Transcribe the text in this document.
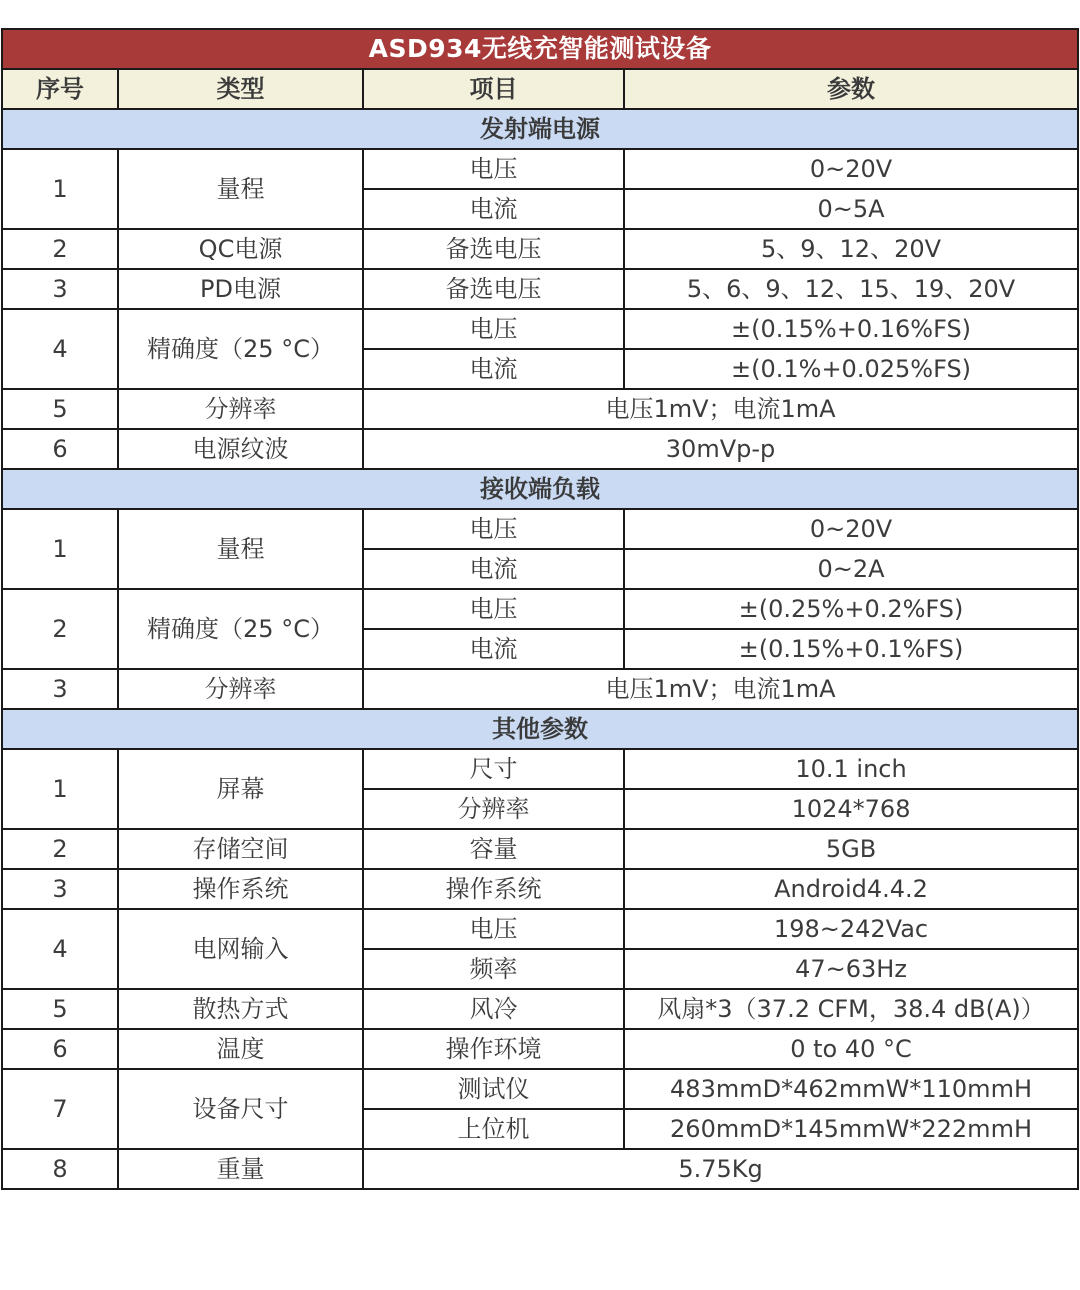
ASD934无线充智能测试设备			
序号	类型	项目	参数
发射端电源			
1	量程	电压	0~20V
		电流	0~5A
2	QC电源	备选电压	5、9、12、20V
3	PD电源	备选电压	5、6、9、12、15、19、20V
4	精确度（25 °C）	电压	±(0.15%+0.16%FS)
		电流	±(0.1%+0.025%FS)
5	分辨率	电压1mV；电流1mA	
6	电源纹波	30mVp-p	
接收端负载			
1	量程	电压	0~20V
		电流	0~2A
2	精确度（25 °C）	电压	±(0.25%+0.2%FS)
		电流	±(0.15%+0.1%FS)
3	分辨率	电压1mV；电流1mA	
其他参数			
1	屏幕	尺寸	10.1 inch
		分辨率	1024*768
2	存储空间	容量	5GB
3	操作系统	操作系统	Android4.4.2
4	电网输入	电压	198~242Vac
		频率	47~63Hz
5	散热方式	风冷	风扇*3（37.2 CFM，38.4 dB(A)）
6	温度	操作环境	0 to 40 °C
7	设备尺寸	测试仪	483mmD*462mmW*110mmH
		上位机	260mmD*145mmW*222mmH
8	重量	5.75Kg	
